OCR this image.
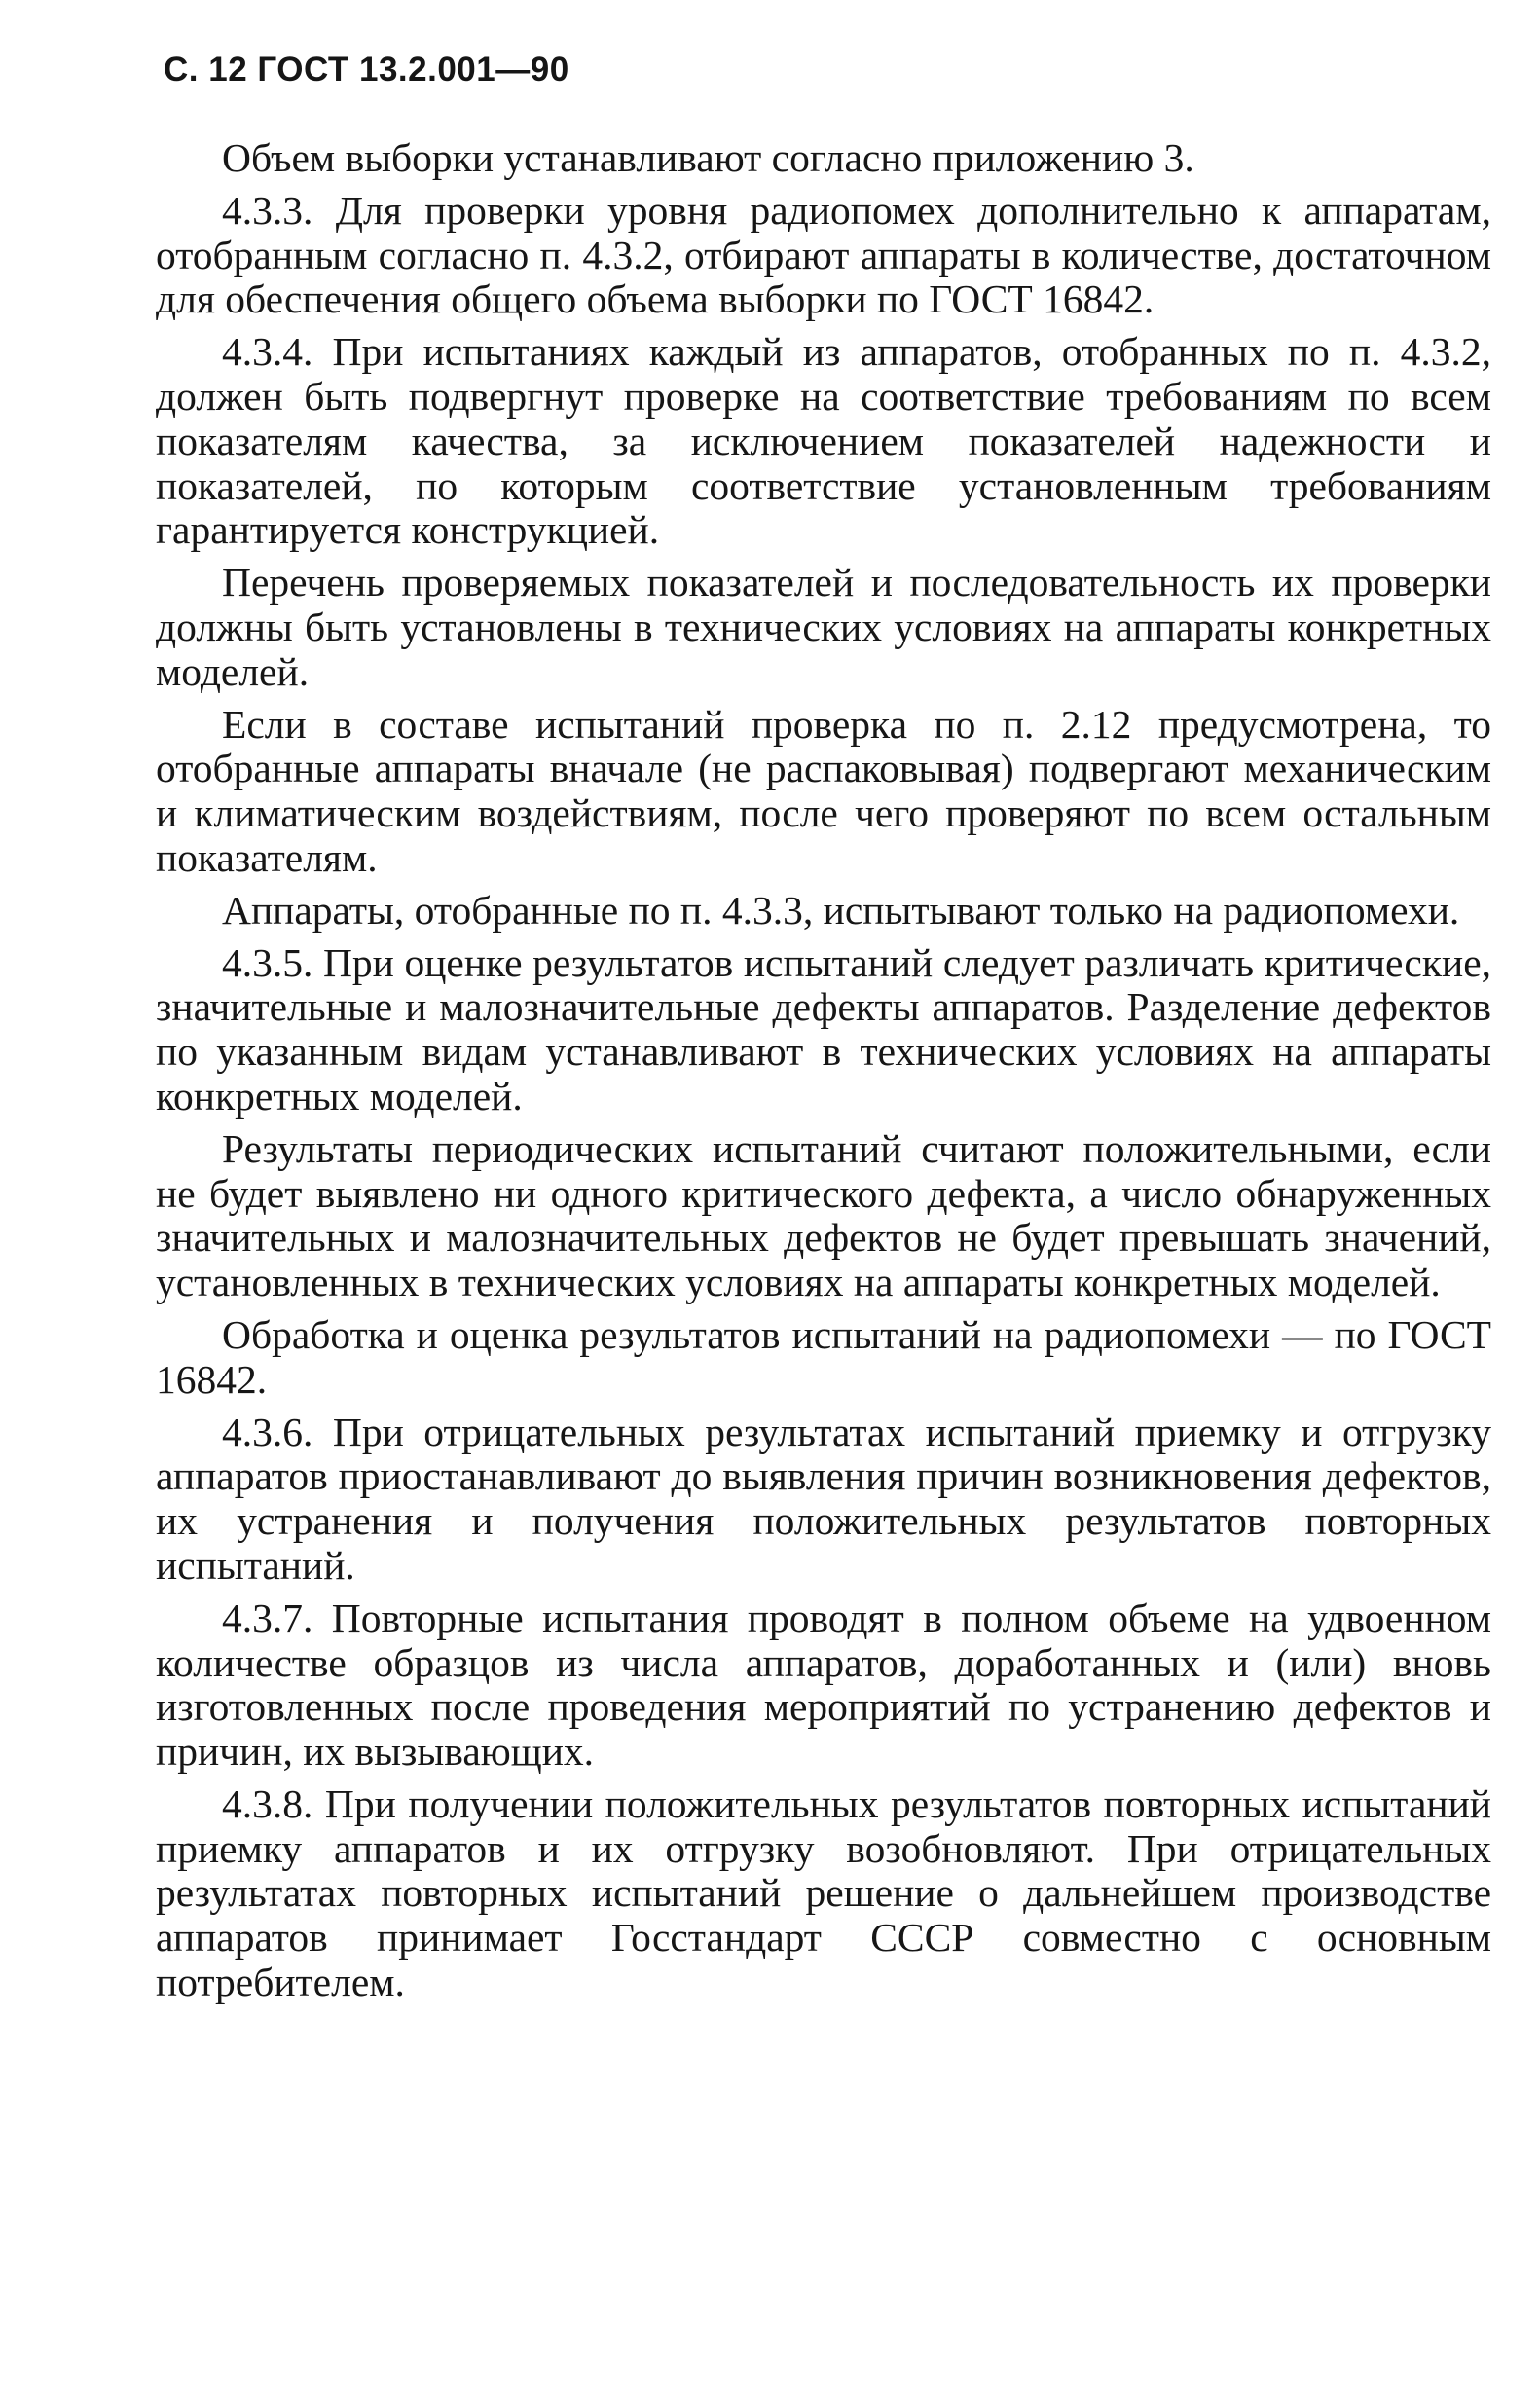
С. 12 ГОСТ 13.2.001—90

Объем выборки устанавливают согласно приложению 3.

4.3.3. Для проверки уровня радиопомех дополнительно к аппаратам, отобранным согласно п. 4.3.2, отбирают аппараты в количестве, достаточном для обеспечения общего объема выборки по ГОСТ 16842.

4.3.4. При испытаниях каждый из аппаратов, отобранных по п. 4.3.2, должен быть подвергнут проверке на соответствие требованиям по всем показателям качества, за исключением показателей надежности и показателей, по которым соответствие установленным требованиям гарантируется конструкцией.

Перечень проверяемых показателей и последовательность их проверки должны быть установлены в технических условиях на аппараты конкретных моделей.

Если в составе испытаний проверка по п. 2.12 предусмотрена, то отобранные аппараты вначале (не распаковывая) подвергают механическим и климатическим воздействиям, после чего проверяют по всем остальным показателям.

Аппараты, отобранные по п. 4.3.3, испытывают только на радиопомехи.

4.3.5. При оценке результатов испытаний следует различать критические, значительные и малозначительные дефекты аппаратов. Разделение дефектов по указанным видам устанавливают в технических условиях на аппараты конкретных моделей.

Результаты периодических испытаний считают положительными, если не будет выявлено ни одного критического дефекта, а число обнаруженных значительных и малозначительных дефектов не будет превышать значений, установленных в технических условиях на аппараты конкретных моделей.

Обработка и оценка результатов испытаний на радиопомехи — по ГОСТ 16842.

4.3.6. При отрицательных результатах испытаний приемку и отгрузку аппаратов приостанавливают до выявления причин возникновения дефектов, их устранения и получения положительных результатов повторных испытаний.

4.3.7. Повторные испытания проводят в полном объеме на удвоенном количестве образцов из числа аппаратов, доработанных и (или) вновь изготовленных после проведения мероприятий по устранению дефектов и причин, их вызывающих.

4.3.8. При получении положительных результатов повторных испытаний приемку аппаратов и их отгрузку возобновляют. При отрицательных результатах повторных испытаний решение о дальнейшем производстве аппаратов принимает Госстандарт СССР совместно с основным потребителем.
